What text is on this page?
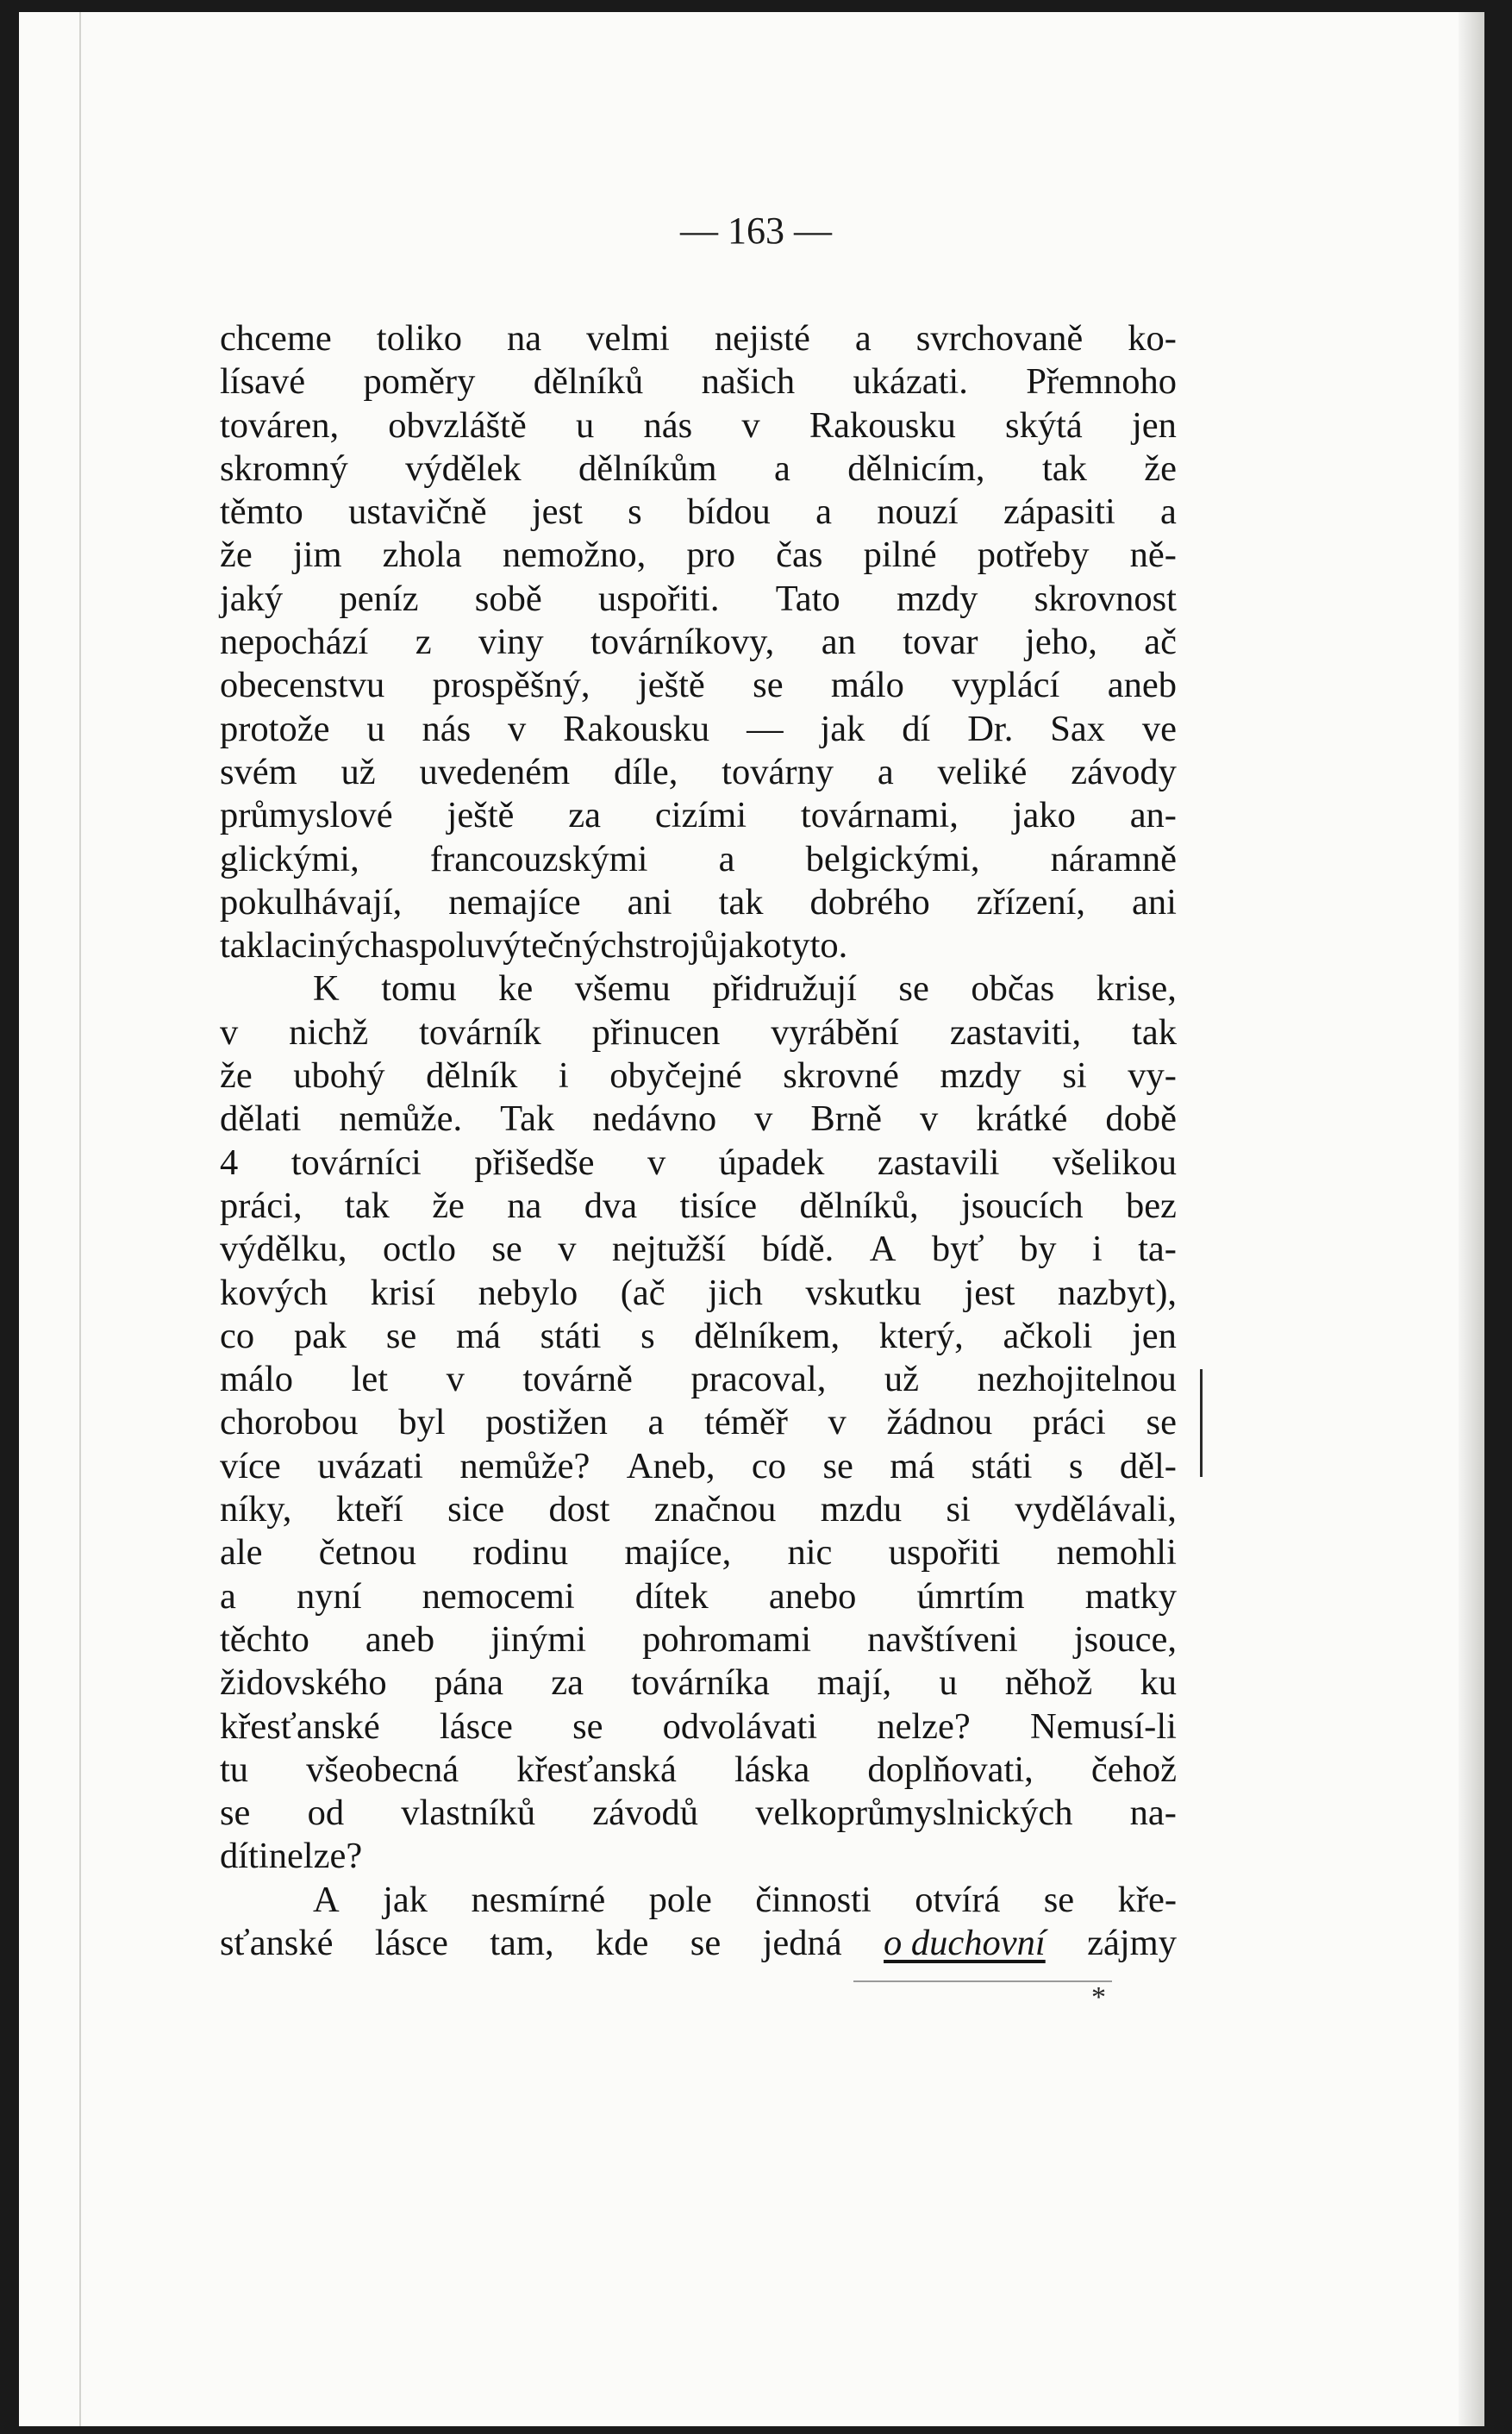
— 163 —
chceme toliko na velmi nejisté a svrchovaně ko-
lísavé poměry dělníků našich ukázati. Přemnoho
továren, obvzláště u nás v Rakousku skýtá jen
skromný výdělek dělníkům a dělnicím, tak že
těmto ustavičně jest s bídou a nouzí zápasiti a
že jim zhola nemožno, pro čas pilné potřeby ně-
jaký peníz sobě uspořiti. Tato mzdy skrovnost
nepochází z viny továrníkovy, an tovar jeho, ač
obecenstvu prospěšný, ještě se málo vyplácí aneb
protože u nás v Rakousku — jak dí Dr. Sax ve
svém už uvedeném díle, továrny a veliké závody
průmyslové ještě za cizími továrnami, jako an-
glickými, francouzskými a belgickými, náramně
pokulhávají, nemajíce ani tak dobrého zřízení, ani
tak laciných a spolu výtečných strojů jako tyto.
K tomu ke všemu přidružují se občas krise,
v nichž továrník přinucen vyrábění zastaviti, tak
že ubohý dělník i obyčejné skrovné mzdy si vy-
dělati nemůže. Tak nedávno v Brně v krátké době
4 továrníci přišedše v úpadek zastavili všelikou
práci, tak že na dva tisíce dělníků, jsoucích bez
výdělku, octlo se v nejtužší bídě. A byť by i ta-
kových krisí nebylo (ač jich vskutku jest nazbyt),
co pak se má státi s dělníkem, který, ačkoli jen
málo let v továrně pracoval, už nezhojitelnou
chorobou byl postižen a téměř v žádnou práci se
více uvázati nemůže? Aneb, co se má státi s děl-
níky, kteří sice dost značnou mzdu si vydělávali,
ale četnou rodinu majíce, nic uspořiti nemohli
a nyní nemocemi dítek anebo úmrtím matky
těchto aneb jinými pohromami navštíveni jsouce,
židovského pána za továrníka mají, u něhož ku
křesťanské lásce se odvolávati nelze? Nemusí-li
tu všeobecná křesťanská láska doplňovati, čehož
se od vlastníků závodů velkoprůmyslnických na-
díti nelze?
A jak nesmírné pole činnosti otvírá se kře-
sťanské lásce tam, kde se jedná o duchovní zájmy
*
